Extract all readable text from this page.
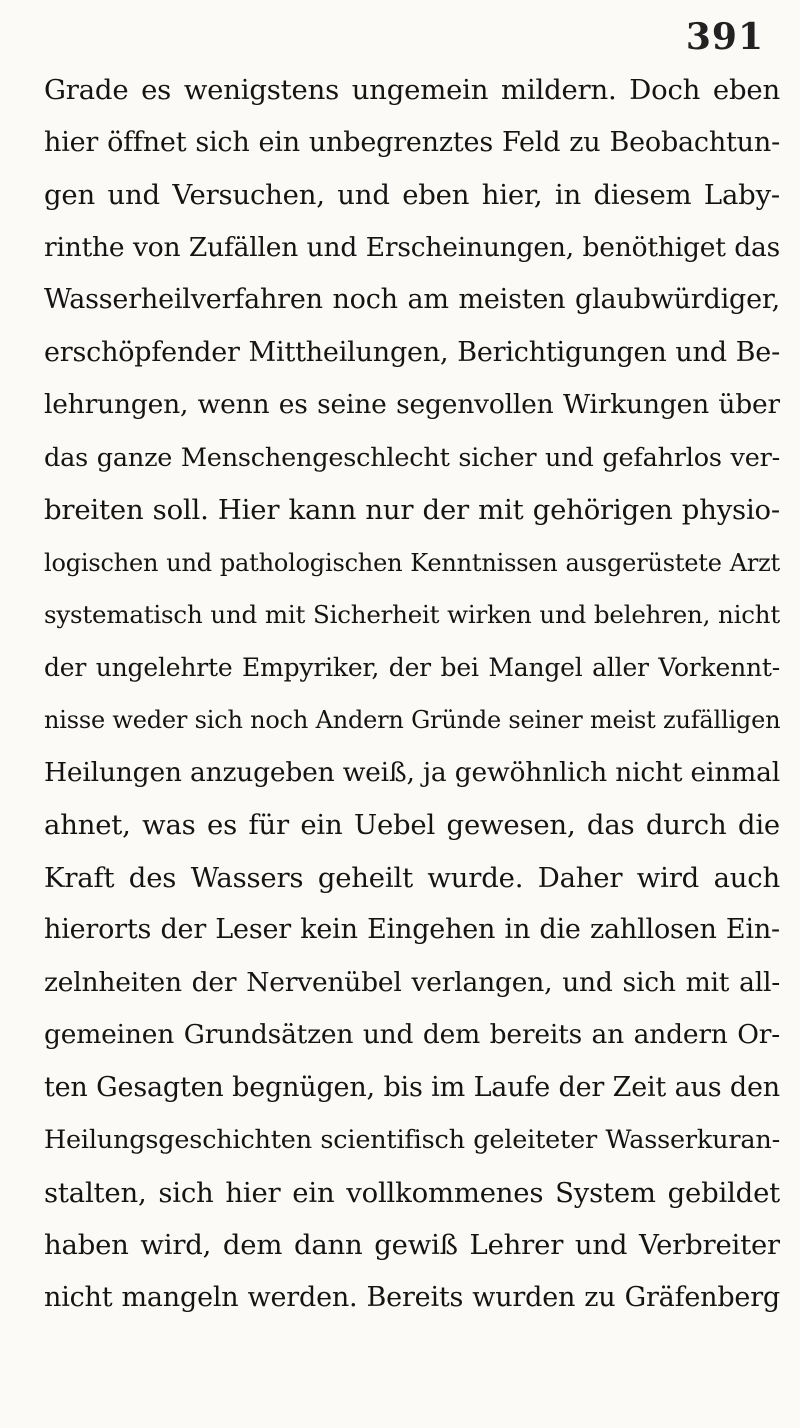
391
Grade es wenigstens ungemein mildern. Doch eben
hier öffnet sich ein unbegrenztes Feld zu Beobachtun-
gen und Versuchen, und eben hier, in diesem Laby-
rinthe von Zufällen und Erscheinungen, benöthiget das
Wasserheilverfahren noch am meisten glaubwürdiger,
erschöpfender Mittheilungen, Berichtigungen und Be-
lehrungen, wenn es seine segenvollen Wirkungen über
das ganze Menschengeschlecht sicher und gefahrlos ver-
breiten soll. Hier kann nur der mit gehörigen physio-
logischen und pathologischen Kenntnissen ausgerüstete Arzt
systematisch und mit Sicherheit wirken und belehren, nicht
der ungelehrte Empyriker, der bei Mangel aller Vorkennt-
nisse weder sich noch Andern Gründe seiner meist zufälligen
Heilungen anzugeben weiß, ja gewöhnlich nicht einmal
ahnet, was es für ein Uebel gewesen, das durch die
Kraft des Wassers geheilt wurde. Daher wird auch
hierorts der Leser kein Eingehen in die zahllosen Ein-
zelnheiten der Nervenübel verlangen, und sich mit all-
gemeinen Grundsätzen und dem bereits an andern Or-
ten Gesagten begnügen, bis im Laufe der Zeit aus den
Heilungsgeschichten scientifisch geleiteter Wasserkuran-
stalten, sich hier ein vollkommenes System gebildet
haben wird, dem dann gewiß Lehrer und Verbreiter
nicht mangeln werden. Bereits wurden zu Gräfenberg
